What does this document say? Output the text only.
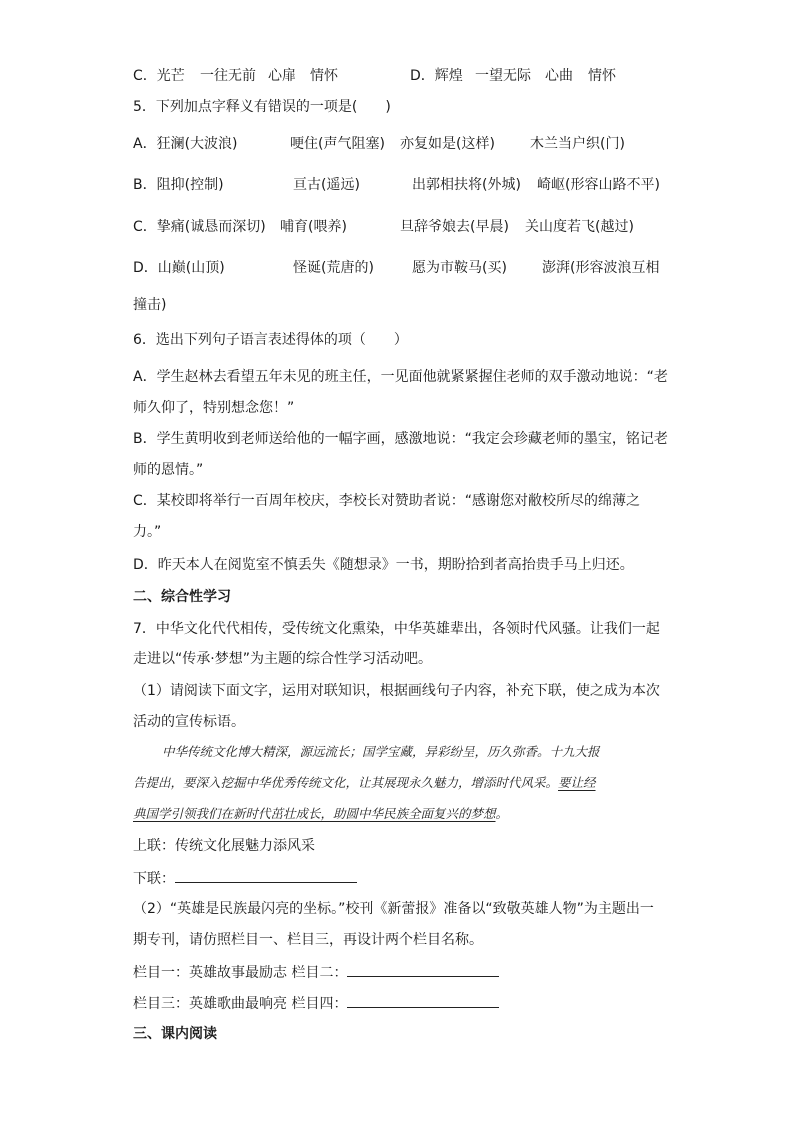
C．光芒 一往无前 心扉 情怀	D．辉煌 一望无际 心曲 情怀
5．下列加点字释义有错误的一项是(　　)
A．狂澜(大波浪)	哽住(声气阻塞) 亦复如是(这样)	木兰当户织(门)
B．阻抑(控制)	亘古(遥远)	出郭相扶将(外城) 崎岖(形容山路不平)
C．挚痛(诚恳而深切) 哺育(喂养)	旦辞爷娘去(早晨) 关山度若飞(越过)
D．山巅(山顶)	怪诞(荒唐的)	愿为市鞍马(买)	澎湃(形容波浪互相
撞击)
6．选出下列句子语言表述得体的项（　　）
A．学生赵林去看望五年未见的班主任，一见面他就紧紧握住老师的双手激动地说：“老
师久仰了，特别想念您！”
B．学生黄明收到老师送给他的一幅字画，感激地说：“我定会珍藏老师的墨宝，铭记老
师的恩情。”
C．某校即将举行一百周年校庆，李校长对赞助者说：“感谢您对敝校所尽的绵薄之
力。”
D．昨天本人在阅览室不慎丢失《随想录》一书，期盼拾到者高抬贵手马上归还。
二、综合性学习
7．中华文化代代相传，受传统文化熏染，中华英雄辈出，各领时代风骚。让我们一起
走进以“传承·梦想”为主题的综合性学习活动吧。
（1）请阅读下面文字，运用对联知识，根据画线句子内容，补充下联，使之成为本次
活动的宣传标语。
中华传统文化博大精深，源远流长；国学宝藏，异彩纷呈，历久弥香。十九大报
告提出，要深入挖掘中华优秀传统文化，让其展现永久魅力，增添时代风采。要让经
典国学引领我们在新时代茁壮成长，助圆中华民族全面复兴的梦想。
上联：传统文化展魅力添风采
下联：
（2）“英雄是民族最闪亮的坐标。”校刊《新蕾报》准备以“致敬英雄人物”为主题出一
期专刊，请仿照栏目一、栏目三，再设计两个栏目名称。
栏目一：英雄故事最励志 栏目二：
栏目三：英雄歌曲最响亮 栏目四：
三、课内阅读
